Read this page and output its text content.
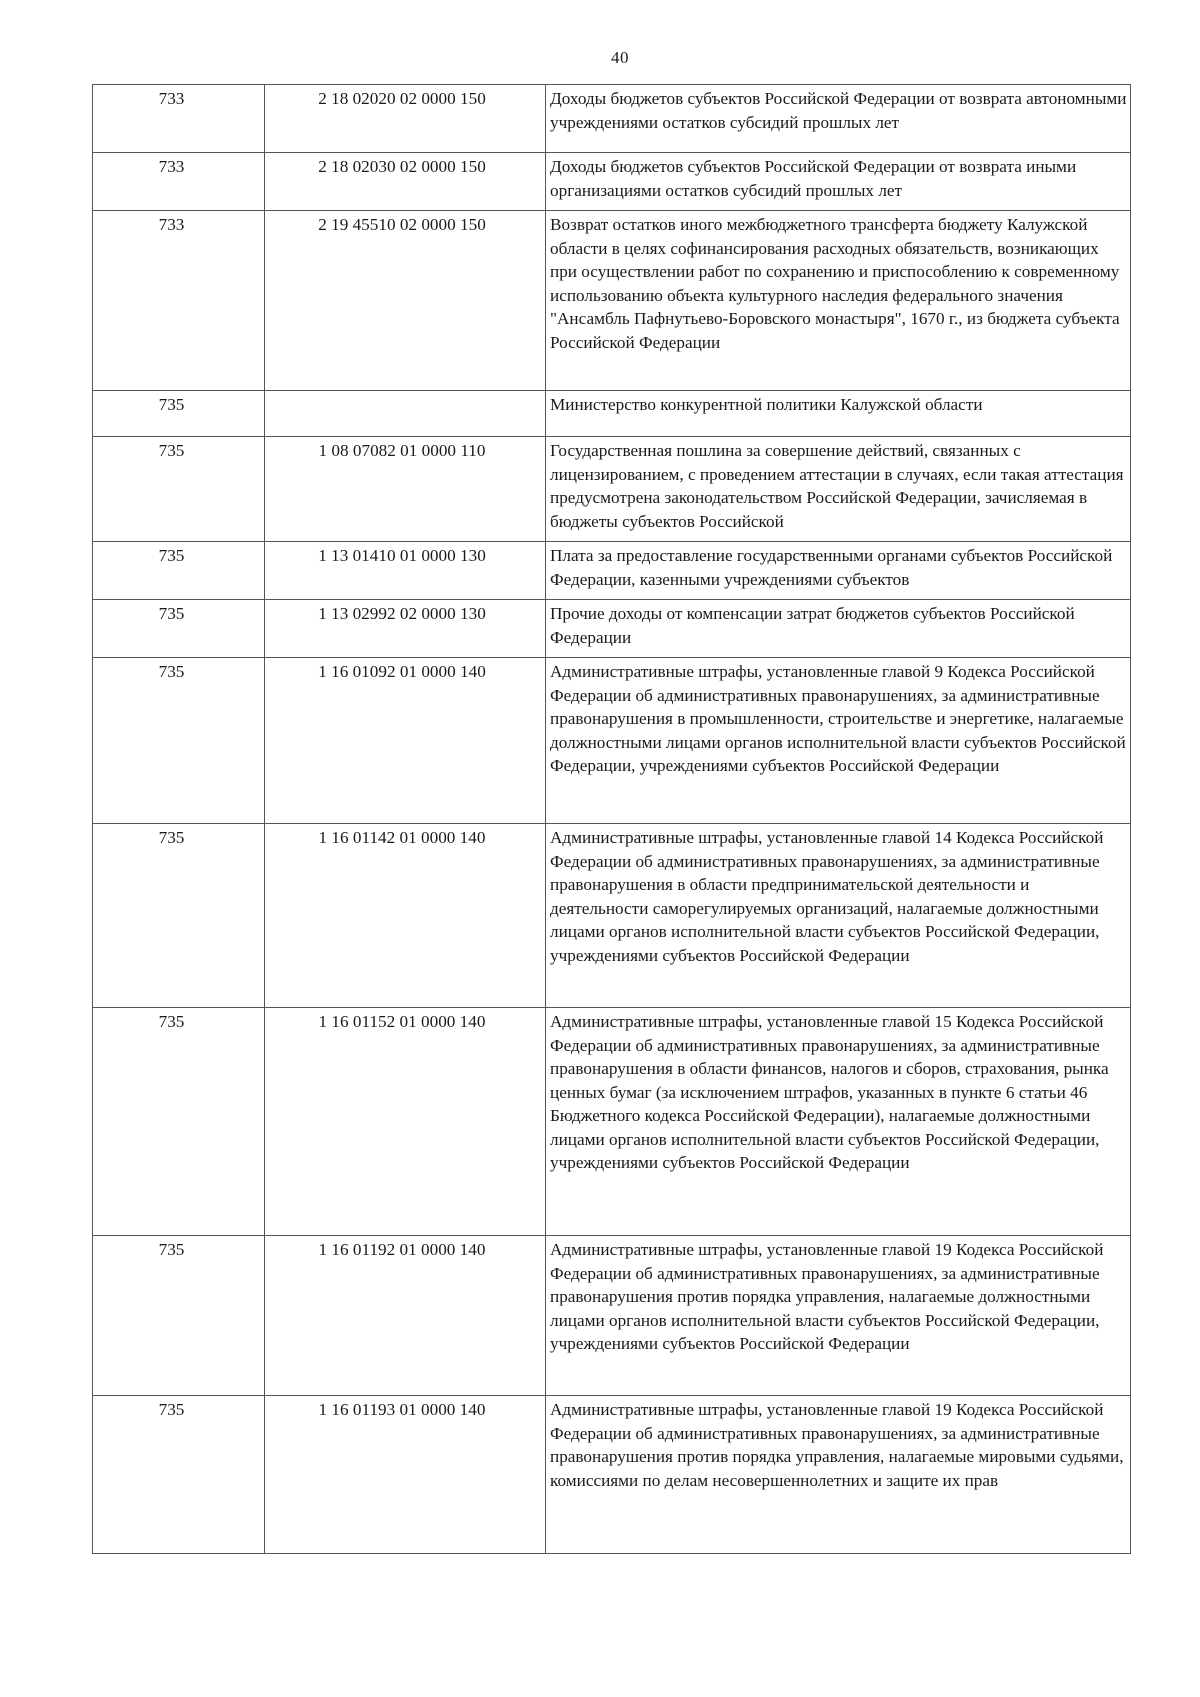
40
733	2 18 02020 02 0000 150	Доходы бюджетов субъектов Российской Федерации от возврата автономными учреждениями остатков субсидий прошлых лет
733	2 18 02030 02 0000 150	Доходы бюджетов субъектов Российской Федерации от возврата иными организациями остатков субсидий прошлых лет
733	2 19 45510 02 0000 150	Возврат остатков иного межбюджетного трансферта бюджету Калужской области в целях софинансирования расходных обязательств, возникающих при осуществлении работ по сохранению и приспособлению к современному использованию объекта культурного наследия федерального значения "Ансамбль Пафнутьево-Боровского монастыря", 1670 г., из бюджета субъекта Российской Федерации
735		Министерство конкурентной политики Калужской области
735	1 08 07082 01 0000 110	Государственная пошлина за совершение действий, связанных с лицензированием, с проведением аттестации в случаях, если такая аттестация предусмотрена законодательством Российской Федерации, зачисляемая в бюджеты субъектов Российской
735	1 13 01410 01 0000 130	Плата за предоставление государственными органами субъектов Российской Федерации, казенными учреждениями субъектов
735	1 13 02992 02 0000 130	Прочие доходы от компенсации затрат бюджетов субъектов Российской Федерации
735	1 16 01092 01 0000 140	Административные штрафы, установленные главой 9 Кодекса Российской Федерации об административных правонарушениях, за административные правонарушения в промышленности, строительстве и энергетике, налагаемые должностными лицами органов исполнительной власти субъектов Российской Федерации, учреждениями субъектов Российской Федерации
735	1 16 01142 01 0000 140	Административные штрафы, установленные главой 14 Кодекса Российской Федерации об административных правонарушениях, за административные правонарушения в области предпринимательской деятельности и деятельности саморегулируемых организаций, налагаемые должностными лицами органов исполнительной власти субъектов Российской Федерации, учреждениями субъектов Российской Федерации
735	1 16 01152 01 0000 140	Административные штрафы, установленные главой 15 Кодекса Российской Федерации об административных правонарушениях, за административные правонарушения в области финансов, налогов и сборов, страхования, рынка ценных бумаг (за исключением штрафов, указанных в пункте 6 статьи 46 Бюджетного кодекса Российской Федерации), налагаемые должностными лицами органов исполнительной власти субъектов Российской Федерации, учреждениями субъектов Российской Федерации
735	1 16 01192 01 0000 140	Административные штрафы, установленные главой 19 Кодекса Российской Федерации об административных правонарушениях, за административные правонарушения против порядка управления, налагаемые должностными лицами органов исполнительной власти субъектов Российской Федерации, учреждениями субъектов Российской Федерации
735	1 16 01193 01 0000 140	Административные штрафы, установленные главой 19 Кодекса Российской Федерации об административных правонарушениях, за административные правонарушения против порядка управления, налагаемые мировыми судьями, комиссиями по делам несовершеннолетних и защите их прав
